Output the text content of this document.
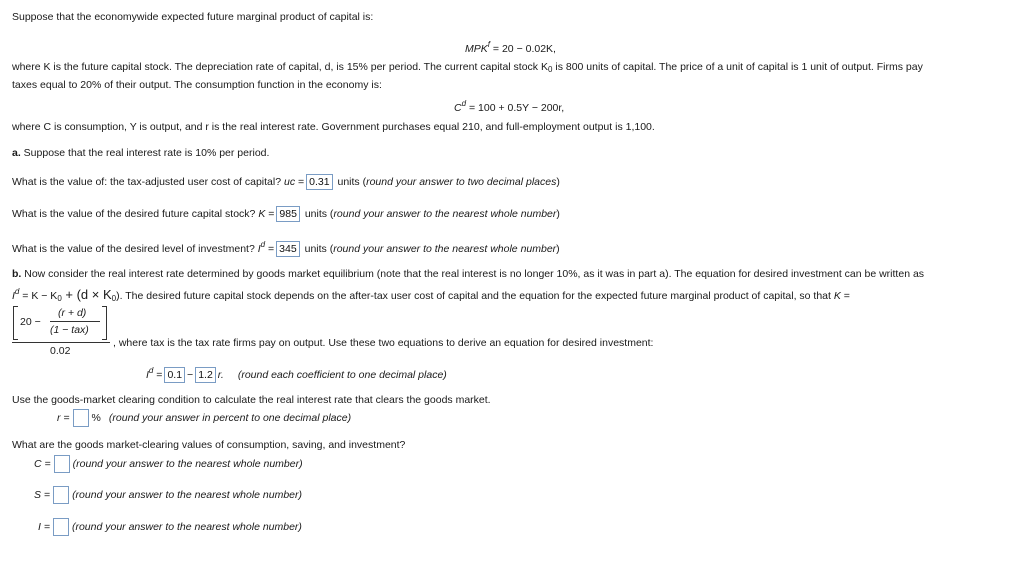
Suppose that the economywide expected future marginal product of capital is:
$MPK^f = 20 - 0.02K$,
where K is the future capital stock. The depreciation rate of capital, d, is 15% per period. The current capital stock $K_0$ is 800 units of capital. The price of a unit of capital is 1 unit of output. Firms pay
taxes equal to 20% of their output. The consumption function in the economy is:
$C^d = 100 + 0.5Y - 200r$,
where C is consumption, Y is output, and r is the real interest rate. Government purchases equal 210, and full-employment output is 1,100.
a. Suppose that the real interest rate is 10% per period.
What is the value of: the tax-adjusted user cost of capital? uc = 0.31 units (round your answer to two decimal places)
What is the value of the desired future capital stock? K = 985 units (round your answer to the nearest whole number)
What is the value of the desired level of investment? $I^d = 345$ units (round your answer to the nearest whole number)
b. Now consider the real interest rate determined by goods market equilibrium (note that the real interest is no longer 10%, as it was in part a). The equation for desired investment can be written as
$I^d = K - K_0 + (d \times K_0)$. The desired future capital stock depends on the after-tax user cost of capital and the equation for the expected future marginal product of capital, so that K =
20 −
(r + d)
(1 − tax)
0.02
, where tax is the tax rate firms pay on output. Use these two equations to derive an equation for desired investment:
$I^d = 0.1 - 1.2$ r. (round each coefficient to one decimal place)
Use the goods-market clearing condition to calculate the real interest rate that clears the goods market.
r = % (round your answer in percent to one decimal place)
What are the goods market-clearing values of consumption, saving, and investment?
C = (round your answer to the nearest whole number)
S = (round your answer to the nearest whole number)
I = (round your answer to the nearest whole number)
